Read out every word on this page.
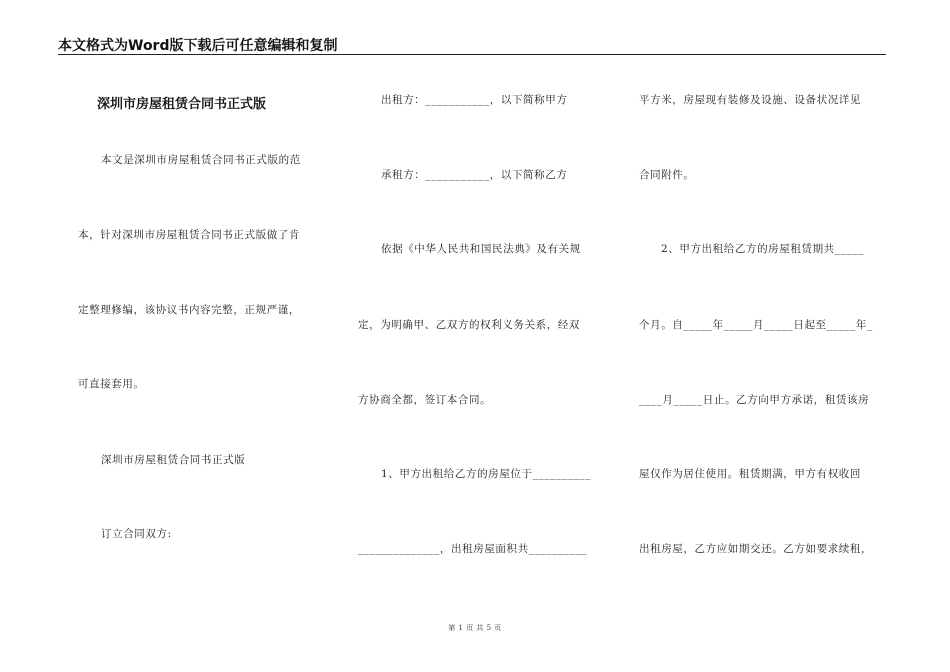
本文格式为Word版下载后可任意编辑和复制
深圳市房屋租赁合同书正式版
本文是深圳市房屋租赁合同书正式版的范
本，针对深圳市房屋租赁合同书正式版做了肯
定整理修编，该协议书内容完整，正规严谨，
可直接套用。
深圳市房屋租赁合同书正式版
订立合同双方:
出租方：___________，以下简称甲方
承租方：___________，以下简称乙方
依据《中华人民共和国民法典》及有关规
定，为明确甲、乙双方的权利义务关系，经双
方协商全都，签订本合同。
1、甲方出租给乙方的房屋位于__________
______________，出租房屋面积共__________
平方米，房屋现有装修及设施、设备状况详见
合同附件。
2、甲方出租给乙方的房屋租赁期共_____
个月。自_____年_____月_____日起至_____年_
____月_____日止。乙方向甲方承诺，租赁该房
屋仅作为居住使用。租赁期满，甲方有权收回
出租房屋，乙方应如期交还。乙方如要求续租，
第 1 页 共 5 页
